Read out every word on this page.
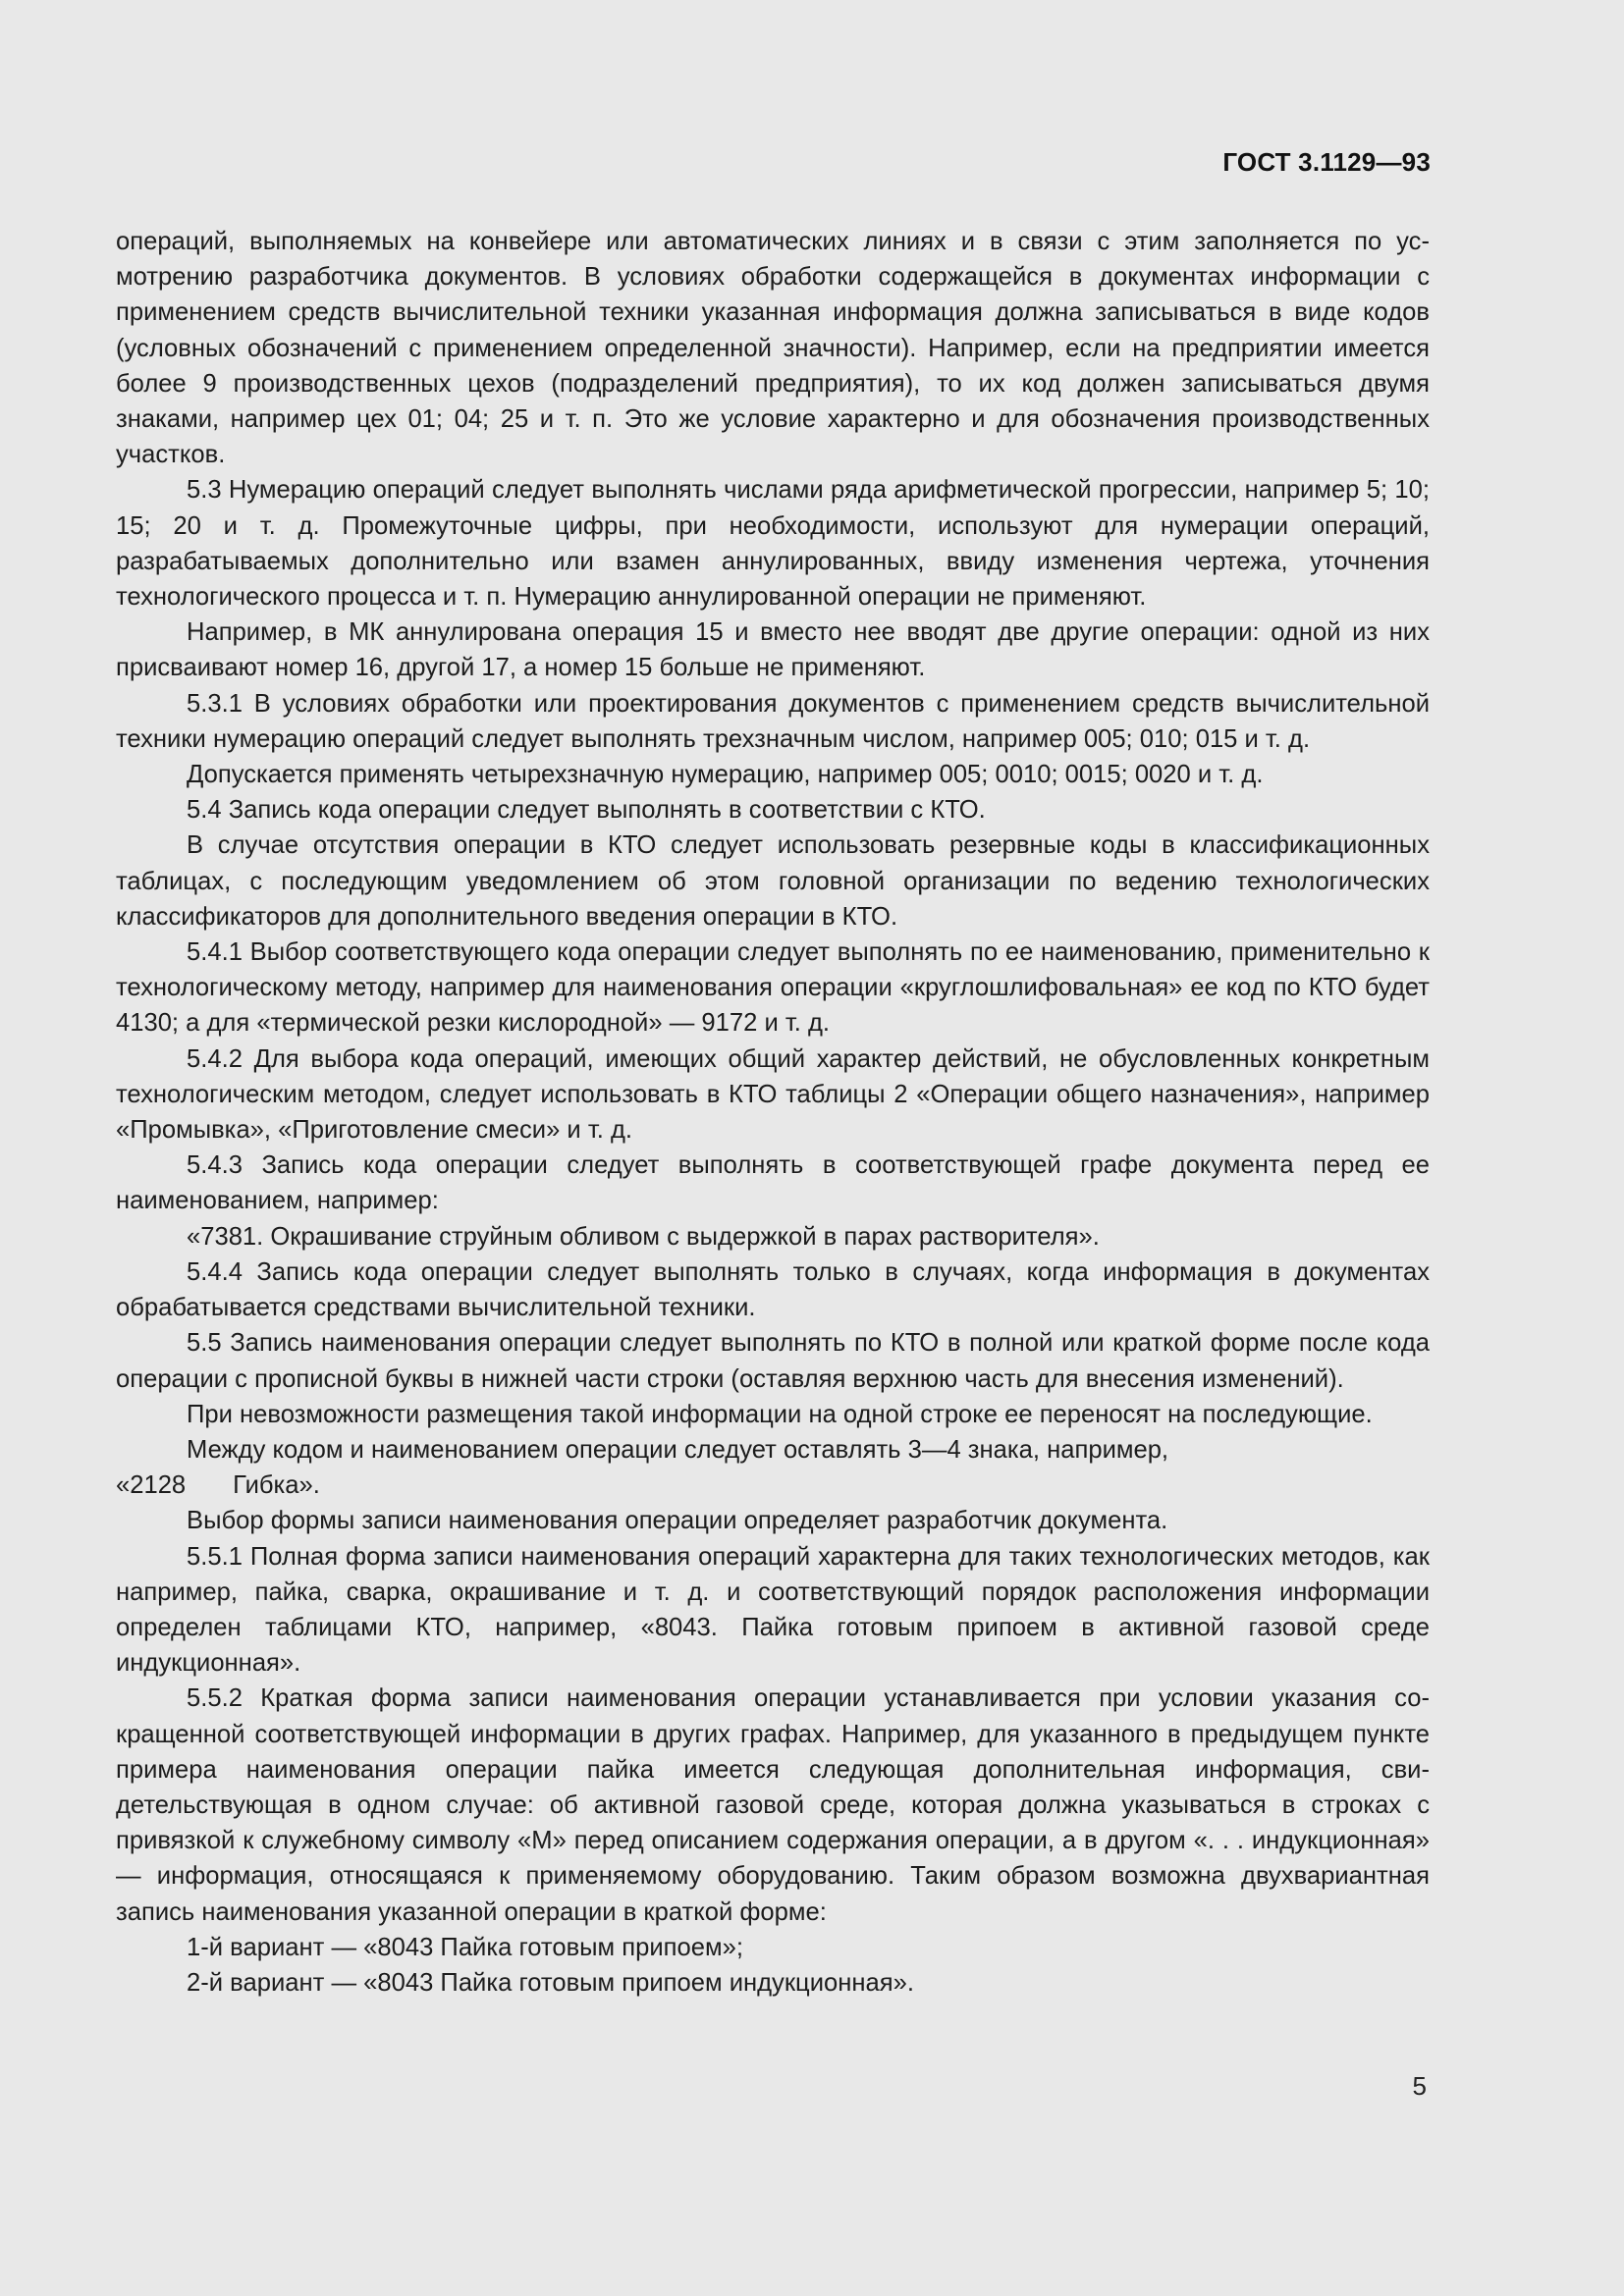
ГОСТ 3.1129—93

операций, выполняемых на конвейере или автоматических линиях и в связи с этим заполняется по усмотрению разработчика документов. В условиях обработки содержащейся в документах информации с применением средств вычислительной техники указанная информация должна записываться в виде кодов (условных обозначений с применением определенной значности). Например, если на предприятии имеется более 9 производственных цехов (подразделений предприятия), то их код должен записываться двумя знаками, например цех 01; 04; 25 и т. п. Это же условие характерно и для обозначения производственных участков.

5.3 Нумерацию операций следует выполнять числами ряда арифметической прогрессии, например 5; 10; 15; 20 и т. д. Промежуточные цифры, при необходимости, используют для нумерации операций, разрабатываемых дополнительно или взамен аннулированных, ввиду изменения чертежа, уточнения технологического процесса и т. п. Нумерацию аннулированной операции не применяют.

Например, в МК аннулирована операция 15 и вместо нее вводят две другие операции: одной из них присваивают номер 16, другой 17, а номер 15 больше не применяют.

5.3.1 В условиях обработки или проектирования документов с применением средств вычислительной техники нумерацию операций следует выполнять трехзначным числом, например 005; 010; 015 и т. д.

Допускается применять четырехзначную нумерацию, например 005; 0010; 0015; 0020 и т. д.

5.4 Запись кода операции следует выполнять в соответствии с КТО.

В случае отсутствия операции в КТО следует использовать резервные коды в классификационных таблицах, с последующим уведомлением об этом головной организации по ведению технологических классификаторов для дополнительного введения операции в КТО.

5.4.1 Выбор соответствующего кода операции следует выполнять по ее наименованию, применительно к технологическому методу, например для наименования операции «круглошлифовальная» ее код по КТО будет 4130; а для «термической резки кислородной» — 9172 и т. д.

5.4.2 Для выбора кода операций, имеющих общий характер действий, не обусловленных конкретным технологическим методом, следует использовать в КТО таблицы 2 «Операции общего назначения», например «Промывка», «Приготовление смеси» и т. д.

5.4.3 Запись кода операции следует выполнять в соответствующей графе документа перед ее наименованием, например:

«7381. Окрашивание струйным обливом с выдержкой в парах растворителя».

5.4.4 Запись кода операции следует выполнять только в случаях, когда информация в документах обрабатывается средствами вычислительной техники.

5.5 Запись наименования операции следует выполнять по КТО в полной или краткой форме после кода операции с прописной буквы в нижней части строки (оставляя верхнюю часть для внесения изменений).

При невозможности размещения такой информации на одной строке ее переносят на последующие.

Между кодом и наименованием операции следует оставлять 3—4 знака, например,

«2128 Гибка».

Выбор формы записи наименования операции определяет разработчик документа.

5.5.1 Полная форма записи наименования операций характерна для таких технологических методов, как например, пайка, сварка, окрашивание и т. д. и соответствующий порядок расположения информации определен таблицами КТО, например, «8043. Пайка готовым припоем в активной газовой среде индукционная».

5.5.2 Краткая форма записи наименования операции устанавливается при условии указания сокращенной соответствующей информации в других графах. Например, для указанного в предыдущем пункте примера наименования операции пайка имеется следующая дополнительная информация, свидетельствующая в одном случае: об активной газовой среде, которая должна указываться в строках с привязкой к служебному символу «М» перед описанием содержания операции, а в другом «. . . индукционная» — информация, относящаяся к применяемому оборудованию. Таким образом возможна двухвариантная запись наименования указанной операции в краткой форме:

1-й вариант — «8043 Пайка готовым припоем»;

2-й вариант — «8043 Пайка готовым припоем индукционная».

5
